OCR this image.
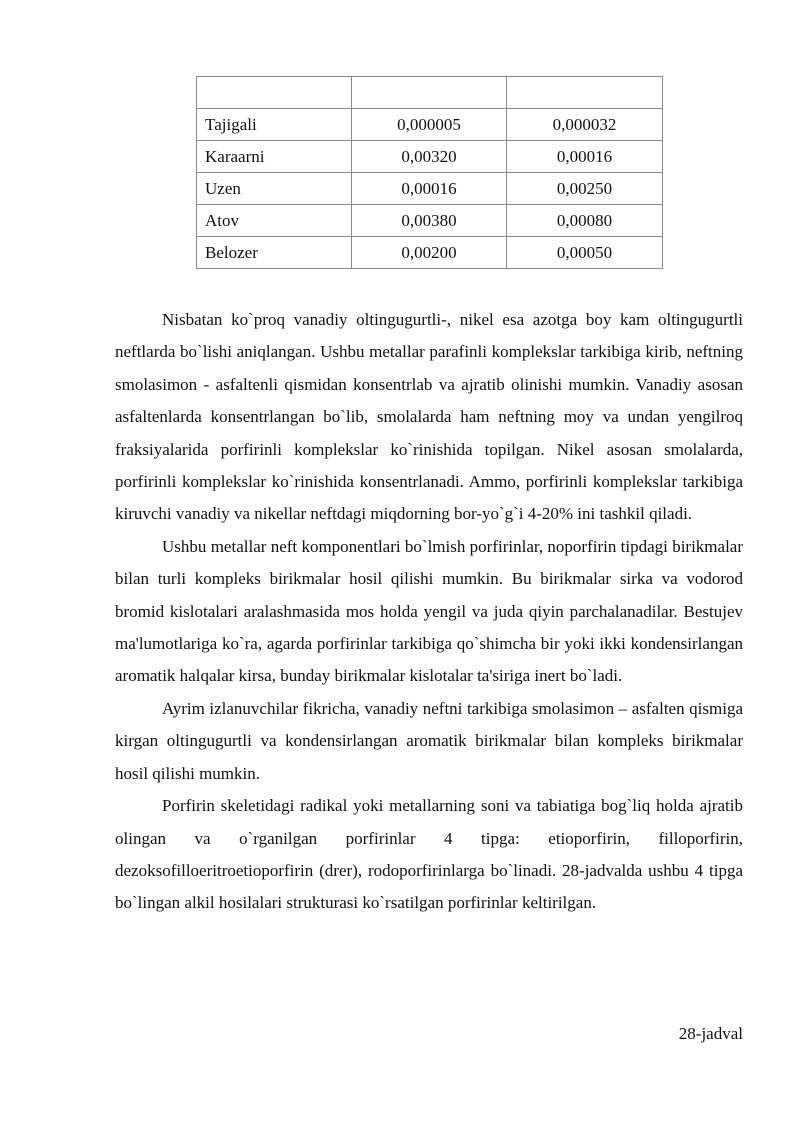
Tajigali	0,000005	0,000032
Karaarni	0,00320	0,00016
Uzen	0,00016	0,00250
Atov	0,00380	0,00080
Belozer	0,00200	0,00050

Nisbatan ko`proq vanadiy oltingugurtli-, nikel esa azotga boy kam oltingugurtli neftlarda bo`lishi aniqlangan. Ushbu metallar parafinli komplekslar tarkibiga kirib, neftning smolasimon - asfaltenli qismidan konsentrlab va ajratib olinishi mumkin. Vanadiy asosan asfaltenlarda konsentrlangan bo`lib, smolalarda ham neftning moy va undan yengilroq fraksiyalarida porfirinli komplekslar ko`rinishida topilgan. Nikel asosan smolalarda, porfirinli komplekslar ko`rinishida konsentrlanadi. Ammo, porfirinli komplekslar tarkibiga kiruvchi vanadiy va nikellar neftdagi miqdorning bor-yo`g`i 4-20% ini tashkil qiladi.

Ushbu metallar neft komponentlari bo`lmish porfirinlar, noporfirin tipdagi birikmalar bilan turli kompleks birikmalar hosil qilishi mumkin. Bu birikmalar sirka va vodorod bromid kislotalari aralashmasida mos holda yengil va juda qiyin parchalanadilar. Bestujev ma'lumotlariga ko`ra, agarda porfirinlar tarkibiga qo`shimcha bir yoki ikki kondensirlangan aromatik halqalar kirsa, bunday birikmalar kislotalar ta'siriga inert bo`ladi.

Ayrim izlanuvchilar fikricha, vanadiy neftni tarkibiga smolasimon – asfalten qismiga kirgan oltingugurtli va kondensirlangan aromatik birikmalar bilan kompleks birikmalar hosil qilishi mumkin.

Porfirin skeletidagi radikal yoki metallarning soni va tabiatiga bog`liq holda ajratib olingan va o`rganilgan porfirinlar 4 tipga: etioporfirin, filloporfirin, dezoksofilloeritroetioporfirin (drer), rodoporfirinlarga bo`linadi. 28-jadvalda ushbu 4 tipga bo`lingan alkil hosilalari strukturasi ko`rsatilgan porfirinlar keltirilgan.

28-jadval
